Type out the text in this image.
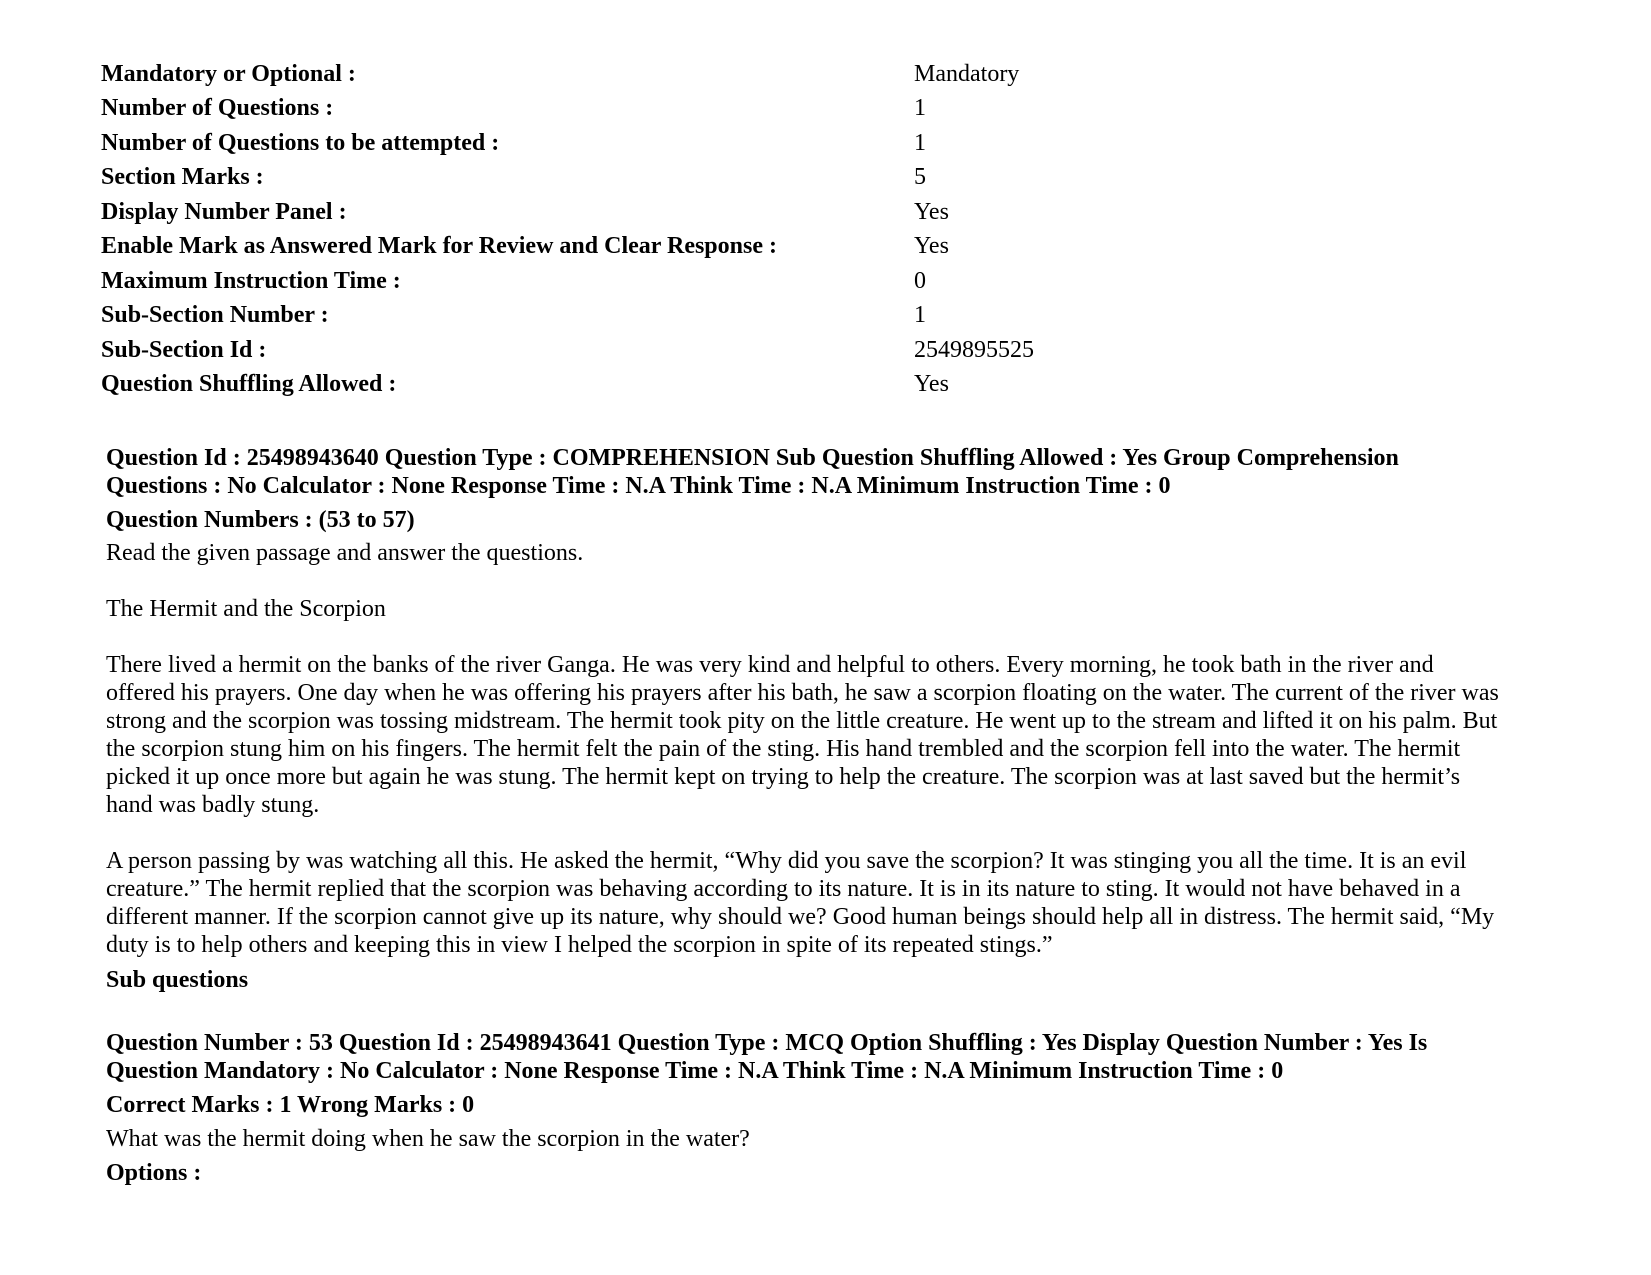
Mandatory or Optional :	Mandatory
Number of Questions :	1
Number of Questions to be attempted :	1
Section Marks :	5
Display Number Panel :	Yes
Enable Mark as Answered Mark for Review and Clear Response :	Yes
Maximum Instruction Time :	0
Sub-Section Number :	1
Sub-Section Id :	2549895525
Question Shuffling Allowed :	Yes
Question Id : 25498943640 Question Type : COMPREHENSION Sub Question Shuffling Allowed : Yes Group Comprehension
Questions : No Calculator : None Response Time : N.A Think Time : N.A Minimum Instruction Time : 0
Question Numbers : (53 to 57)
Read the given passage and answer the questions.
The Hermit and the Scorpion
There lived a hermit on the banks of the river Ganga. He was very kind and helpful to others. Every morning, he took bath in the river and
offered his prayers. One day when he was offering his prayers after his bath, he saw a scorpion floating on the water. The current of the river was
strong and the scorpion was tossing midstream. The hermit took pity on the little creature. He went up to the stream and lifted it on his palm. But
the scorpion stung him on his fingers. The hermit felt the pain of the sting. His hand trembled and the scorpion fell into the water. The hermit
picked it up once more but again he was stung. The hermit kept on trying to help the creature. The scorpion was at last saved but the hermit’s
hand was badly stung.
A person passing by was watching all this. He asked the hermit, “Why did you save the scorpion? It was stinging you all the time. It is an evil
creature.” The hermit replied that the scorpion was behaving according to its nature. It is in its nature to sting. It would not have behaved in a
different manner. If the scorpion cannot give up its nature, why should we? Good human beings should help all in distress. The hermit said, “My
duty is to help others and keeping this in view I helped the scorpion in spite of its repeated stings.”
Sub questions
Question Number : 53 Question Id : 25498943641 Question Type : MCQ Option Shuffling : Yes Display Question Number : Yes Is
Question Mandatory : No Calculator : None Response Time : N.A Think Time : N.A Minimum Instruction Time : 0
Correct Marks : 1 Wrong Marks : 0
What was the hermit doing when he saw the scorpion in the water?
Options :
